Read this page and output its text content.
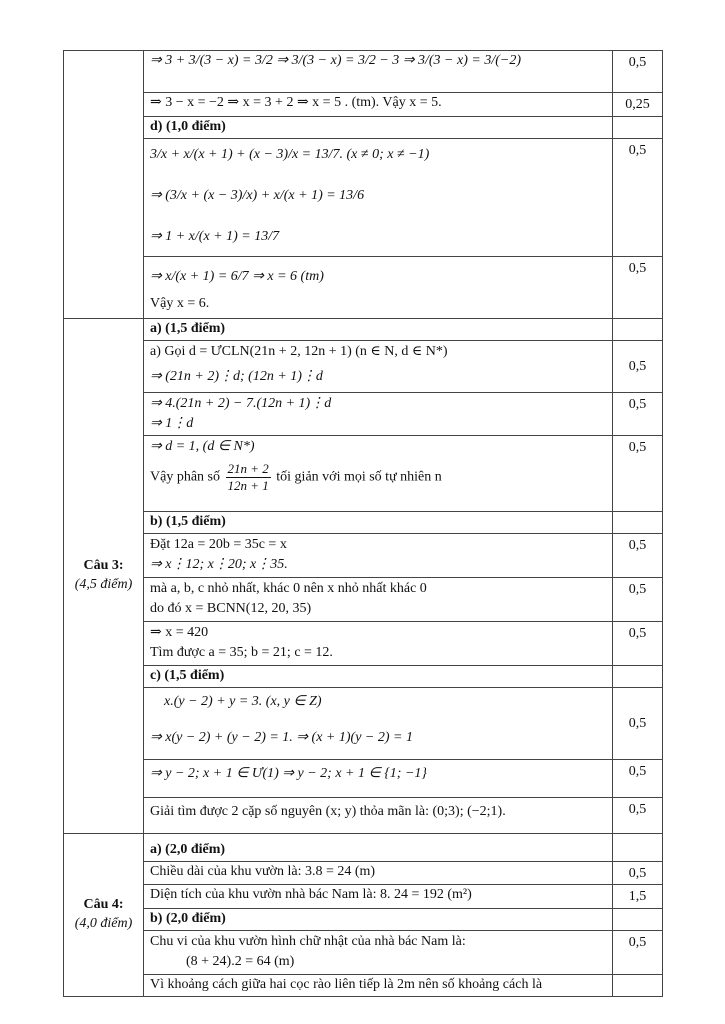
	⇒ 3 + 3/(3 − x) = 3/2 ⇒ 3/(3 − x) = 3/2 − 3 ⇒ 3/(3 − x) = 3/(−2)	0,5
	⇒ 3 − x = −2 ⇒ x = 3 + 2 ⇒ x = 5 . (tm). Vậy x = 5.	0,25
	d) (1,0 điểm)	

	3/x + x/(x + 1) + (x − 3)/x = 13/7. (x ≠ 0; x ≠ −1)
⇒ (3/x + (x − 3)/x) + x/(x + 1) = 13/6
⇒ 1 + x/(x + 1) = 13/7	0,5

	⇒ x/(x + 1) = 6/7 ⇒ x = 6 (tm)
Vậy x = 6.	0,5

Câu 3:
(4,5 điểm)	a) (1,5 điểm)	

	a) Gọi d = ƯCLN(21n + 2, 12n + 1) (n ∈ N, d ∈ N*)
⇒ (21n + 2)⋮d; (12n + 1)⋮d	0,5

	⇒ 4.(21n + 2) − 7.(12n + 1)⋮d
⇒ 1⋮d	0,5

	⇒ d = 1, (d ∈ N*)
Vậy phân số $\frac{21n + 2}{12n + 1}$ tối giản với mọi số tự nhiên n	0,5
	b) (1,5 điểm)	

	Đặt 12a = 20b = 35c = x
⇒ x⋮12; x⋮20; x⋮35.	0,5

	mà a, b, c nhỏ nhất, khác 0 nên x nhỏ nhất khác 0
do đó x = BCNN(12, 20, 35)	0,5

	⇒ x = 420
Tìm được a = 35; b = 21; c = 12.	0,5
	c) (1,5 điểm)	

	x.(y − 2) + y = 3. (x, y ∈ Z)
⇒ x(y − 2) + (y − 2) = 1. ⇒ (x + 1)(y − 2) = 1	0,5

	⇒ y − 2; x + 1 ∈ Ư(1) ⇒ y − 2; x + 1 ∈ {1; −1}	0,5

	Giải tìm được 2 cặp số nguyên (x; y) thỏa mãn là: (0;3); (−2;1).	0,5

Câu 4:
(4,0 điểm)	a) (2,0 điểm)	
	Chiều dài của khu vườn là: 3.8 = 24 (m)	0,5
	Diện tích của khu vườn nhà bác Nam là: 8. 24 = 192 (m²)	1,5
	b) (2,0 điểm)	

	Chu vi của khu vườn hình chữ nhật của nhà bác Nam là:
(8 + 24).2 = 64 (m)	0,5
	Vì khoảng cách giữa hai cọc rào liên tiếp là 2m nên số khoảng cách là	
